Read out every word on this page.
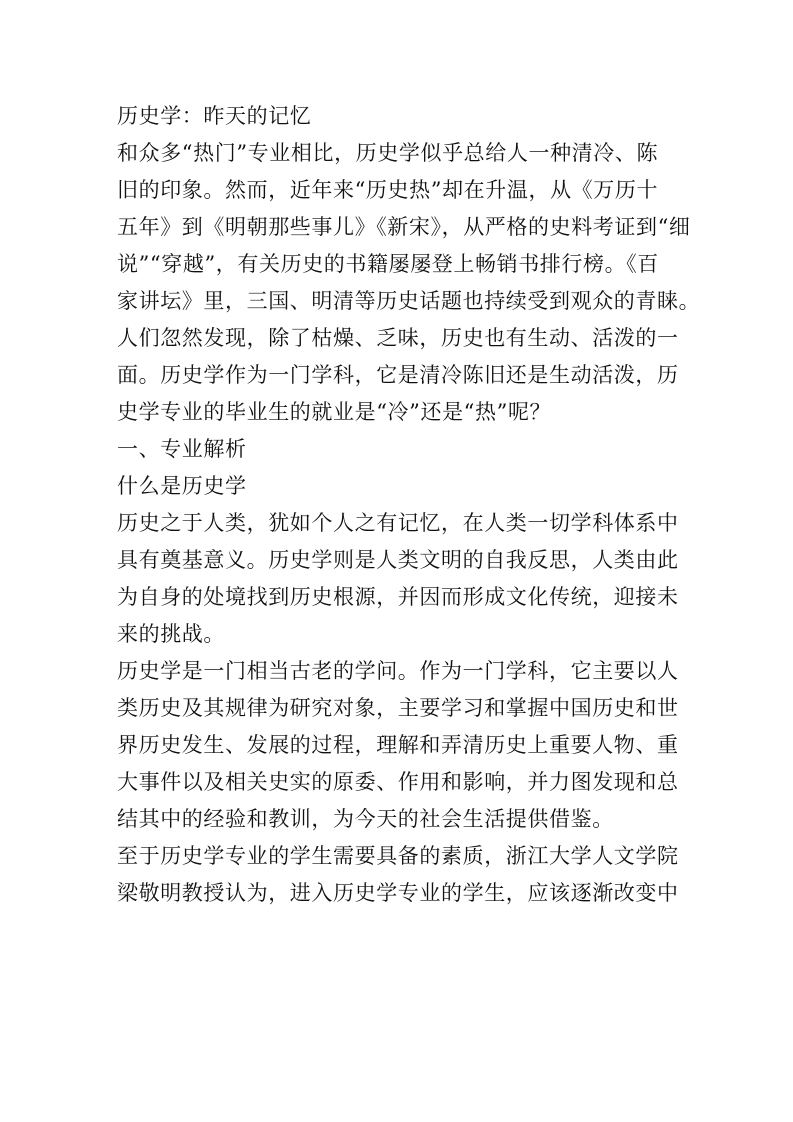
历史学：昨天的记忆
和众多“热门”专业相比，历史学似乎总给人一种清冷、陈
旧的印象。然而，近年来“历史热”却在升温，从《万历十
五年》到《明朝那些事儿》《新宋》，从严格的史料考证到“细
说”“穿越”，有关历史的书籍屡屡登上畅销书排行榜。《百
家讲坛》里，三国、明清等历史话题也持续受到观众的青睐。
人们忽然发现，除了枯燥、乏味，历史也有生动、活泼的一
面。历史学作为一门学科，它是清冷陈旧还是生动活泼，历
史学专业的毕业生的就业是“冷”还是“热”呢？
一、专业解析
什么是历史学
历史之于人类，犹如个人之有记忆，在人类一切学科体系中
具有奠基意义。历史学则是人类文明的自我反思，人类由此
为自身的处境找到历史根源，并因而形成文化传统，迎接未
来的挑战。
历史学是一门相当古老的学问。作为一门学科，它主要以人
类历史及其规律为研究对象，主要学习和掌握中国历史和世
界历史发生、发展的过程，理解和弄清历史上重要人物、重
大事件以及相关史实的原委、作用和影响，并力图发现和总
结其中的经验和教训，为今天的社会生活提供借鉴。
至于历史学专业的学生需要具备的素质，浙江大学人文学院
梁敬明教授认为，进入历史学专业的学生，应该逐渐改变中
